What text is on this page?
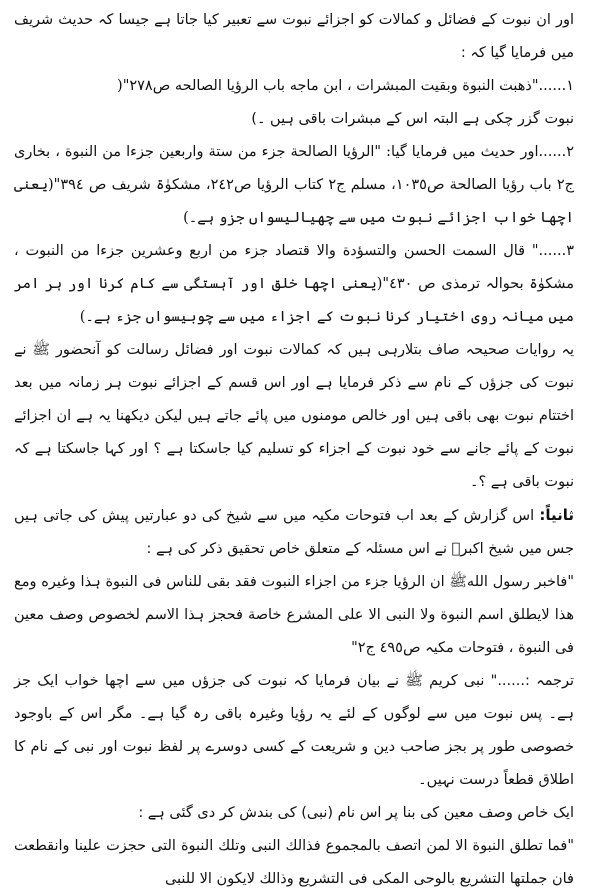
اور ان نبوت کے فضائل و کمالات کو اجزائے نبوت سے تعبیر کیا جاتا ہے جیسا کہ حدیث شریف میں فرمایا گیا کہ :

١......"ذهبت النبوة وبقيت المبشرات ، ابن ماجه باب الرؤيا الصالحه ص٢٧٨"(

نبوت گزر چکی ہے البتہ اس کے مبشرات باقی ہیں ۔)

٢......اور حدیث میں فرمایا گیا: "الرؤيا الصالحة جزء من ستة واربعين جزءا من النبوة ، بخاری ج٢ باب رؤیا الصالحة ص١٠٣٥، مسلم ج٢ کتاب الرؤیا ص٢٤٢، مشکوٰۃ شریف ص ٣٩٤"(یعنی اچھا خواب اجزائے نبوت میں سے چھیالیسواں جزو ہے۔)

٣......" قال السمت الحسن والتسؤدة والا قتصاد جزء من اربع وعشرين جزءا من النبوت ، مشکوٰۃ بحوالہ ترمذی ص ٤٣٠"(یعنی اچھا خلق اور آہستگی سے کام کرنا اور ہر امر میں میانہ روی اختیار کرنا نبوت کے اجزاء میں سے چوبیسواں جزء ہے۔)

یہ روایات صحیحہ صاف بتلارہی ہیں کہ کمالات نبوت اور فضائل رسالت کو آنحضور ﷺ نے نبوت کی جزؤں کے نام سے ذکر فرمایا ہے اور اس قسم کے اجزائے نبوت ہر زمانہ میں بعد اختتام نبوت بھی باقی ہیں اور خالص مومنوں میں پائے جاتے ہیں لیکن دیکھنا یہ ہے ان اجزائے نبوت کے پائے جانے سے خود نبوت کے اجزاء کو تسلیم کیا جاسکتا ہے ؟ اور کہا جاسکتا ہے کہ نبوت باقی ہے ؟۔

ثانیاً: اس گزارش کے بعد اب فتوحات مکیہ میں سے شیخ کی دو عبارتیں پیش کی جاتی ہیں جس میں شیخ اکبرؒ نے اس مسئلہ کے متعلق خاص تحقیق ذکر کی ہے :

"فاخبر رسول اللهﷺ ان الرؤيا جزء من اجزاء النبوت فقد بقى للناس فى النبوة ہذا وغيره ومع هذا لايطلق اسم النبوة ولا النبى الا على المشرع خاصة فحجز ہذا الاسم لخصوص وصف معين فى النبوة ، فتوحات مکیہ ص٤٩٥ ج٢"

ترجمہ :......" نبی کریم ﷺ نے بیان فرمایا کہ نبوت کی جزؤں میں سے اچھا خواب ایک جز ہے۔ پس نبوت میں سے لوگوں کے لئے یہ رؤیا وغیرہ باقی رہ گیا ہے۔ مگر اس کے باوجود خصوصی طور پر بجز صاحب دین و شریعت کے کسی دوسرے پر لفظ نبوت اور نبی کے نام کا اطلاق قطعاً درست نہیں۔

ایک خاص وصف معین کی بنا پر اس نام (نبی) کی بندش کر دی گئی ہے :

"فما تطلق النبوة الا لمن اتصف بالمجموع فذالك النبى وتلك النبوة التى حجزت علينا وانقطعت فان جملتها التشريع بالوحى المكى فى التشريع وذالك لايكون الا للنبى
